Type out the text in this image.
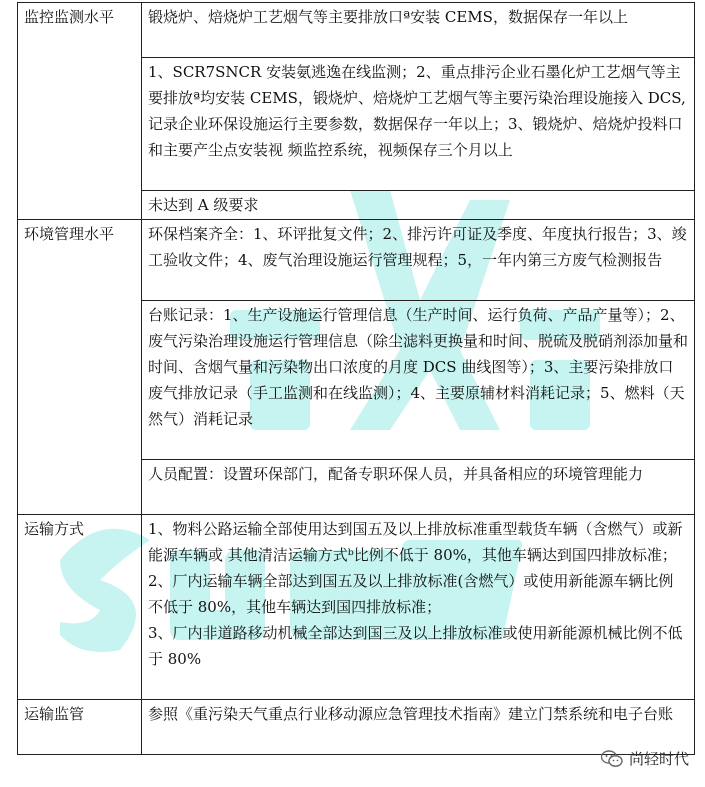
监控监测水平	锻烧炉、焙烧炉工艺烟气等主要排放口ª安装 CEMS，数据保存一年以上
	1、SCR7SNCR 安装氨逃逸在线监测；2、重点排污企业石墨化炉工艺烟气等主要排放ª均安装 CEMS，锻烧炉、焙烧炉工艺烟气等主要污染治理设施接入 DCS,记录企业环保设施运行主要参数，数据保存一年以上；3、锻烧炉、焙烧炉投料口和主要产尘点安装视 频监控系统，视频保存三个月以上
	未达到 A 级要求
环境管理水平	环保档案齐全：1、环评批复文件；2、排污许可证及季度、年度执行报告；3、竣工验收文件；4、废气治理设施运行管理规程；5，一年内第三方废气检测报告
	台账记录：1、生产设施运行管理信息（生产时间、运行负荷、产品产量等）；2、废气污染治理设施运行管理信息（除尘滤料更换量和时间、脱硫及脱硝剂添加量和时间、含烟气量和污染物出口浓度的月度 DCS 曲线图等）；3、主要污染排放口废气排放记录（手工监测和在线监测）；4、主要原辅材料消耗记录；5、燃料（天然气）消耗记录
	人员配置：设置环保部门，配备专职环保人员，并具备相应的环境管理能力
运输方式	1、物料公路运输全部使用达到国五及以上排放标准重型载货车辆（含燃气）或新能源车辆或 其他清洁运输方式ᵇ比例不低于 80%，其他车辆达到国四排放标准；
2、厂内运输车辆全部达到国五及以上排放标准(含燃气）或使用新能源车辆比例不低于 80%，其他车辆达到国四排放标准；
3、厂内非道路移动机械全部达到国三及以上排放标准或使用新能源机械比例不低于 80%
运输监管	参照《重污染天气重点行业移动源应急管理技术指南》建立门禁系统和电子台账
尚轻时代
